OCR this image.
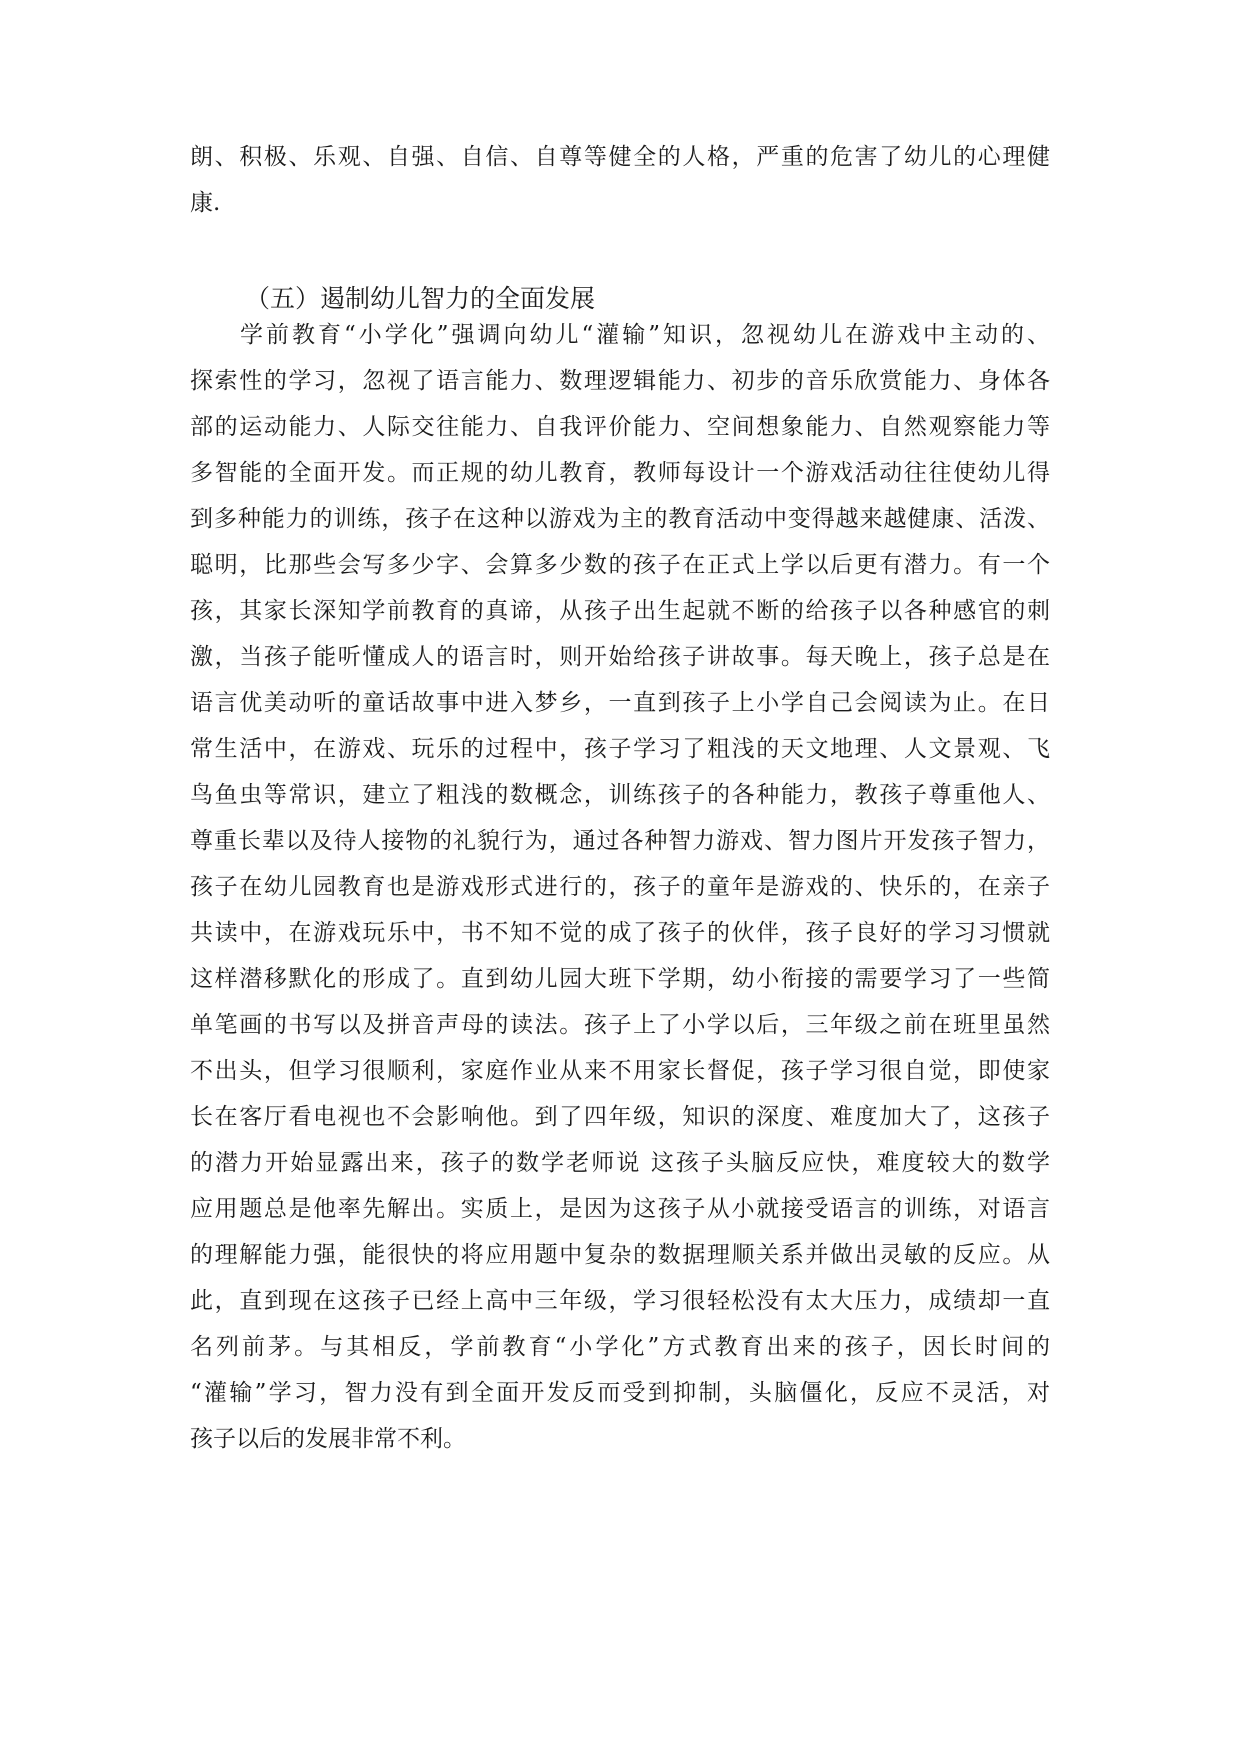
朗、积极、乐观、自强、自信、自尊等健全的人格，严重的危害了幼儿的心理健

康.

（五）遏制幼儿智力的全面发展

学前教育“小学化”强调向幼儿“灌输”知识，忽视幼儿在游戏中主动的、

探索性的学习，忽视了语言能力、数理逻辑能力、初步的音乐欣赏能力、身体各

部的运动能力、人际交往能力、自我评价能力、空间想象能力、自然观察能力等

多智能的全面开发。而正规的幼儿教育，教师每设计一个游戏活动往往使幼儿得

到多种能力的训练，孩子在这种以游戏为主的教育活动中变得越来越健康、活泼、

聪明，比那些会写多少字、会算多少数的孩子在正式上学以后更有潜力。有一个

孩，其家长深知学前教育的真谛，从孩子出生起就不断的给孩子以各种感官的刺

激，当孩子能听懂成人的语言时，则开始给孩子讲故事。每天晚上，孩子总是在

语言优美动听的童话故事中进入梦乡，一直到孩子上小学自己会阅读为止。在日

常生活中，在游戏、玩乐的过程中，孩子学习了粗浅的天文地理、人文景观、飞

鸟鱼虫等常识，建立了粗浅的数概念，训练孩子的各种能力，教孩子尊重他人、

尊重长辈以及待人接物的礼貌行为，通过各种智力游戏、智力图片开发孩子智力，

孩子在幼儿园教育也是游戏形式进行的，孩子的童年是游戏的、快乐的，在亲子

共读中，在游戏玩乐中，书不知不觉的成了孩子的伙伴，孩子良好的学习习惯就

这样潜移默化的形成了。直到幼儿园大班下学期，幼小衔接的需要学习了一些简

单笔画的书写以及拼音声母的读法。孩子上了小学以后，三年级之前在班里虽然

不出头，但学习很顺利，家庭作业从来不用家长督促，孩子学习很自觉，即使家

长在客厅看电视也不会影响他。到了四年级，知识的深度、难度加大了，这孩子

的潜力开始显露出来，孩子的数学老师说 这孩子头脑反应快，难度较大的数学

应用题总是他率先解出。实质上，是因为这孩子从小就接受语言的训练，对语言

的理解能力强，能很快的将应用题中复杂的数据理顺关系并做出灵敏的反应。从

此，直到现在这孩子已经上高中三年级，学习很轻松没有太大压力，成绩却一直

名列前茅。与其相反，学前教育“小学化”方式教育出来的孩子，因长时间的

“灌输”学习，智力没有到全面开发反而受到抑制，头脑僵化，反应不灵活，对

孩子以后的发展非常不利。
